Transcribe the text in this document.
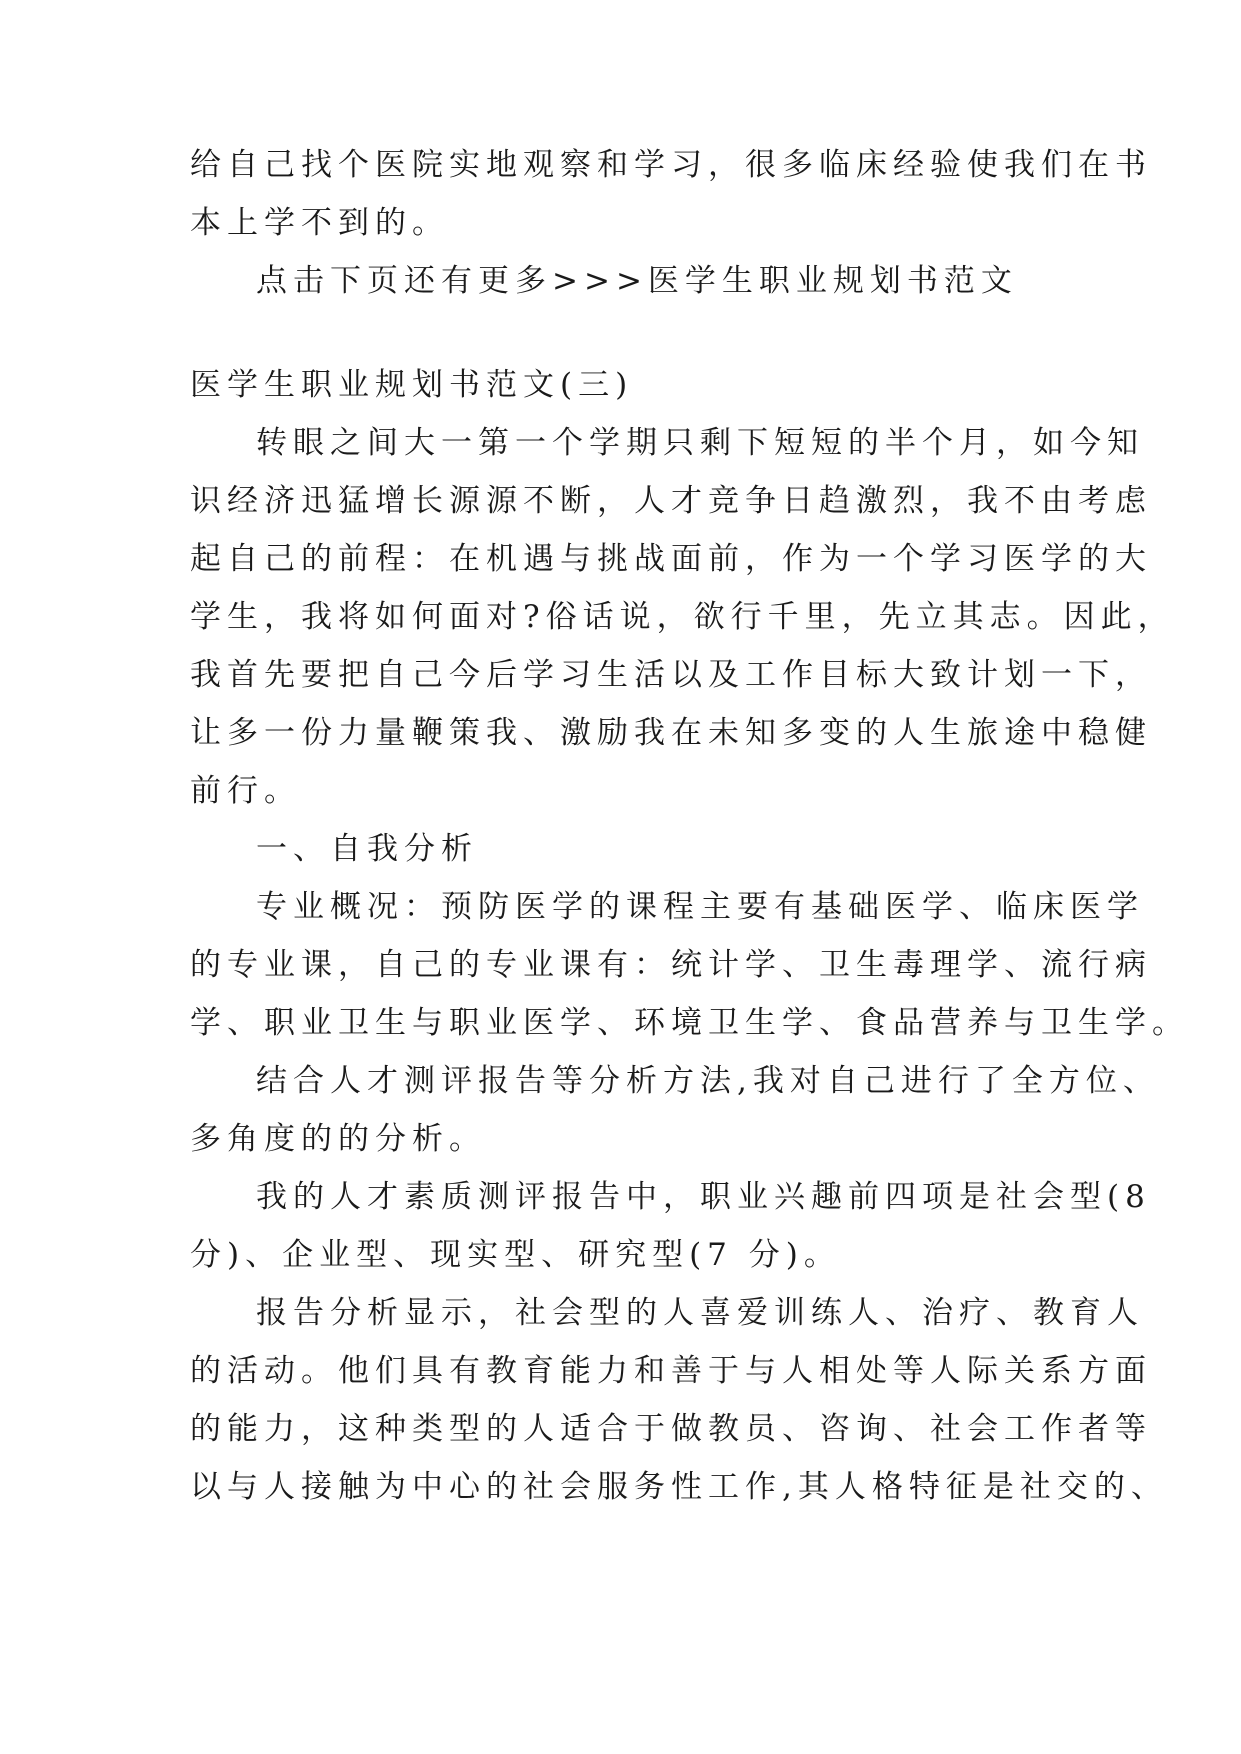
给自己找个医院实地观察和学习，很多临床经验使我们在书
本上学不到的。
点击下页还有更多>>>医学生职业规划书范文
医学生职业规划书范文(三)
转眼之间大一第一个学期只剩下短短的半个月，如今知
识经济迅猛增长源源不断，人才竞争日趋激烈，我不由考虑
起自己的前程：在机遇与挑战面前，作为一个学习医学的大
学生，我将如何面对?俗话说，欲行千里，先立其志。因此，
我首先要把自己今后学习生活以及工作目标大致计划一下，
让多一份力量鞭策我、激励我在未知多变的人生旅途中稳健
前行。
一、自我分析
专业概况：预防医学的课程主要有基础医学、临床医学
的专业课，自己的专业课有：统计学、卫生毒理学、流行病
学、职业卫生与职业医学、环境卫生学、食品营养与卫生学。
结合人才测评报告等分析方法,我对自己进行了全方位、
多角度的的分析。
我的人才素质测评报告中，职业兴趣前四项是社会型(8
分)、企业型、现实型、研究型(7 分)。
报告分析显示，社会型的人喜爱训练人、治疗、教育人
的活动。他们具有教育能力和善于与人相处等人际关系方面
的能力，这种类型的人适合于做教员、咨询、社会工作者等
以与人接触为中心的社会服务性工作,其人格特征是社交的、
